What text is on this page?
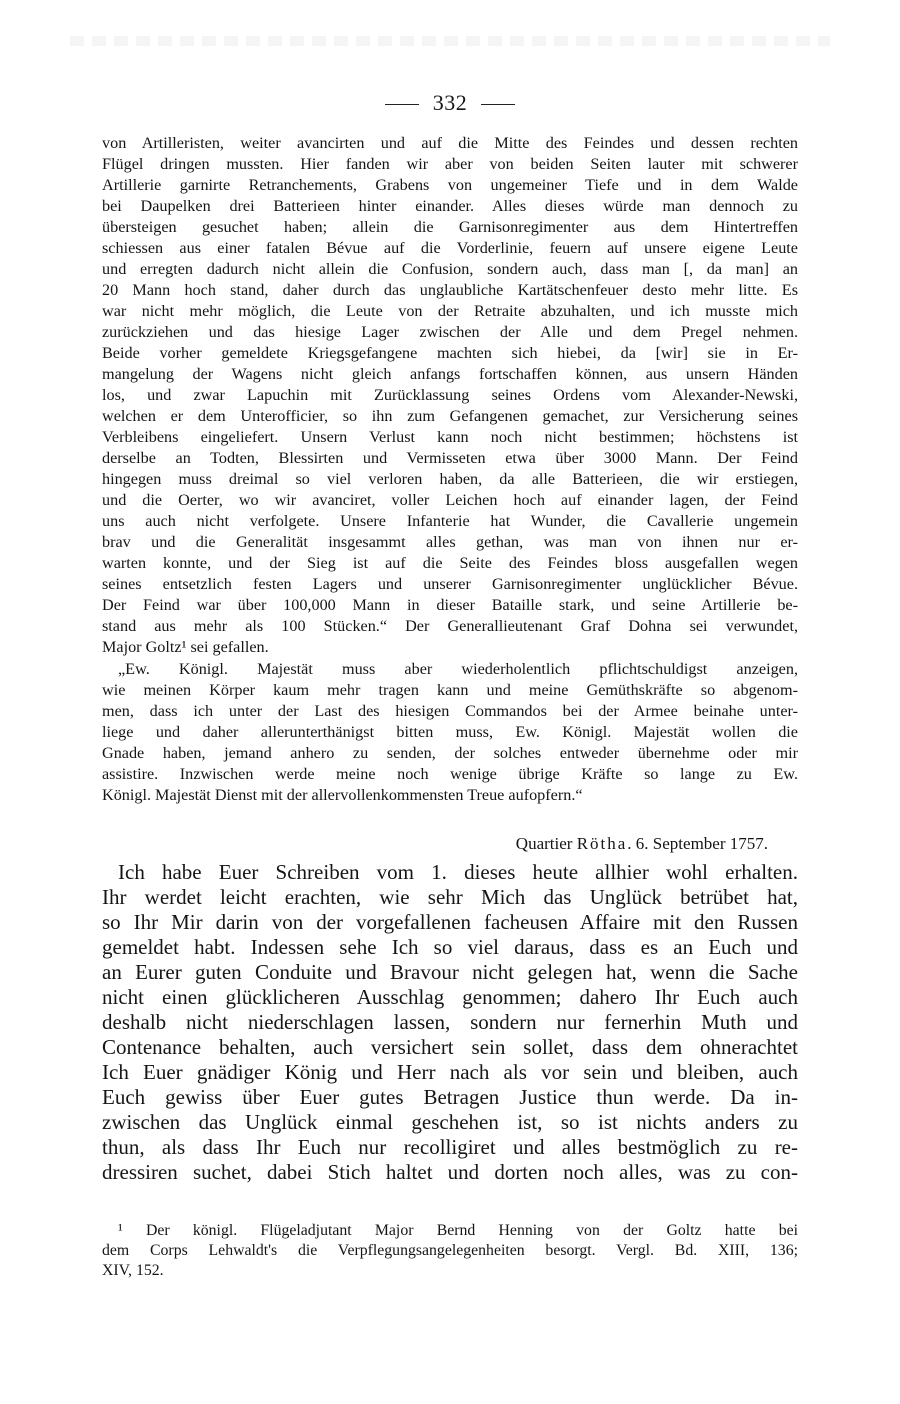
332
von Artilleristen, weiter avancirten und auf die Mitte des Feindes und dessen rechten
Flügel dringen mussten. Hier fanden wir aber von beiden Seiten lauter mit schwerer
Artillerie garnirte Retranchements, Grabens von ungemeiner Tiefe und in dem Walde
bei Daupelken drei Batterieen hinter einander. Alles dieses würde man dennoch zu
übersteigen gesuchet haben; allein die Garnisonregimenter aus dem Hintertreffen
schiessen aus einer fatalen Bévue auf die Vorderlinie, feuern auf unsere eigene Leute
und erregten dadurch nicht allein die Confusion, sondern auch, dass man [, da man] an
20 Mann hoch stand, daher durch das unglaubliche Kartätschenfeuer desto mehr litte. Es
war nicht mehr möglich, die Leute von der Retraite abzuhalten, und ich musste mich
zurückziehen und das hiesige Lager zwischen der Alle und dem Pregel nehmen.
Beide vorher gemeldete Kriegsgefangene machten sich hiebei, da [wir] sie in Er-
mangelung der Wagens nicht gleich anfangs fortschaffen können, aus unsern Händen
los, und zwar Lapuchin mit Zurücklassung seines Ordens vom Alexander-Newski,
welchen er dem Unterofficier, so ihn zum Gefangenen gemachet, zur Versicherung seines
Verbleibens eingeliefert. Unsern Verlust kann noch nicht bestimmen; höchstens ist
derselbe an Todten, Blessirten und Vermisseten etwa über 3000 Mann. Der Feind
hingegen muss dreimal so viel verloren haben, da alle Batterieen, die wir erstiegen,
und die Oerter, wo wir avanciret, voller Leichen hoch auf einander lagen, der Feind
uns auch nicht verfolgete. Unsere Infanterie hat Wunder, die Cavallerie ungemein
brav und die Generalität insgesammt alles gethan, was man von ihnen nur er-
warten konnte, und der Sieg ist auf die Seite des Feindes bloss ausgefallen wegen
seines entsetzlich festen Lagers und unserer Garnisonregimenter unglücklicher Bévue.
Der Feind war über 100,000 Mann in dieser Bataille stark, und seine Artillerie be-
stand aus mehr als 100 Stücken.“ Der Generallieutenant Graf Dohna sei verwundet,
Major Goltz¹ sei gefallen.
„Ew. Königl. Majestät muss aber wiederholentlich pflichtschuldigst anzeigen,
wie meinen Körper kaum mehr tragen kann und meine Gemüthskräfte so abgenom-
men, dass ich unter der Last des hiesigen Commandos bei der Armee beinahe unter-
liege und daher allerunterthänigst bitten muss, Ew. Königl. Majestät wollen die
Gnade haben, jemand anhero zu senden, der solches entweder übernehme oder mir
assistire. Inzwischen werde meine noch wenige übrige Kräfte so lange zu Ew.
Königl. Majestät Dienst mit der allervollenkommensten Treue aufopfern.“
Quartier Rötha. 6. September 1757.
Ich habe Euer Schreiben vom 1. dieses heute allhier wohl erhalten.
Ihr werdet leicht erachten, wie sehr Mich das Unglück betrübet hat,
so Ihr Mir darin von der vorgefallenen facheusen Affaire mit den Russen
gemeldet habt. Indessen sehe Ich so viel daraus, dass es an Euch und
an Eurer guten Conduite und Bravour nicht gelegen hat, wenn die Sache
nicht einen glücklicheren Ausschlag genommen; dahero Ihr Euch auch
deshalb nicht niederschlagen lassen, sondern nur fernerhin Muth und
Contenance behalten, auch versichert sein sollet, dass dem ohnerachtet
Ich Euer gnädiger König und Herr nach als vor sein und bleiben, auch
Euch gewiss über Euer gutes Betragen Justice thun werde. Da in-
zwischen das Unglück einmal geschehen ist, so ist nichts anders zu
thun, als dass Ihr Euch nur recolligiret und alles bestmöglich zu re-
dressiren suchet, dabei Stich haltet und dorten noch alles, was zu con-
¹ Der königl. Flügeladjutant Major Bernd Henning von der Goltz hatte bei
dem Corps Lehwaldt's die Verpflegungsangelegenheiten besorgt. Vergl. Bd. XIII, 136;
XIV, 152.
